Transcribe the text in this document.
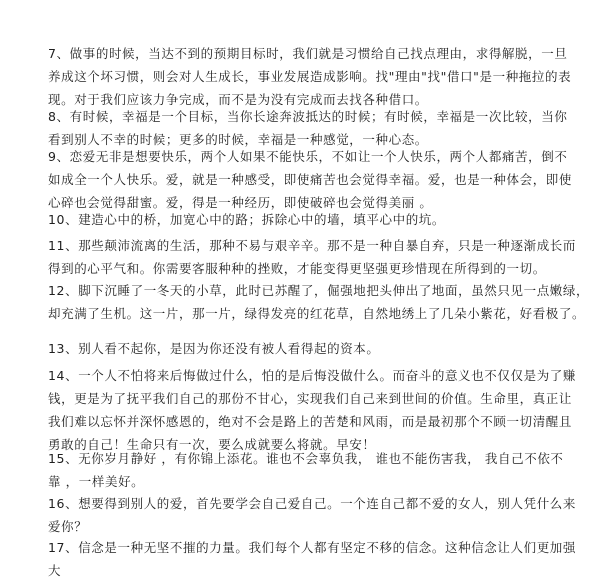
7、做事的时候，当达不到的预期目标时，我们就是习惯给自己找点理由，求得解脱，一旦
养成这个坏习惯，则会对人生成长，事业发展造成影响。找"理由"找"借口"是一种拖拉的表
现。对于我们应该力争完成，而不是为没有完成而去找各种借口。
8、有时候，幸福是一个目标，当你长途奔波抵达的时候；有时候，幸福是一次比较，当你
看到别人不幸的时候；更多的时候，幸福是一种感觉，一种心态。
9、恋爱无非是想要快乐，两个人如果不能快乐，不如让一个人快乐，两个人都痛苦，倒不
如成全一个人快乐。爱，就是一种感受，即使痛苦也会觉得幸福。爱，也是一种体会，即使
心碎也会觉得甜蜜。爱，得是一种经历，即使破碎也会觉得美丽 。
10、建造心中的桥，加宽心中的路；拆除心中的墙，填平心中的坑。
11、那些颠沛流离的生活，那种不易与艰辛辛。那不是一种自暴自弃，只是一种逐渐成长而
得到的心平气和。你需要客服种种的挫败，才能变得更坚强更珍惜现在所得到的一切。
12、脚下沉睡了一冬天的小草，此时已苏醒了，倔强地把头伸出了地面，虽然只见一点嫩绿，
却充满了生机。这一片，那一片，绿得发亮的红花草，自然地绣上了几朵小紫花，好看极了。
13、别人看不起你，是因为你还没有被人看得起的资本。
14、一个人不怕将来后悔做过什么，怕的是后悔没做什么。而奋斗的意义也不仅仅是为了赚
钱，更是为了抚平我们自己的那份不甘心，实现我们自己来到世间的价值。生命里，真正让
我们难以忘怀并深怀感恩的，绝对不会是路上的苦楚和风雨，而是最初那个不顾一切清醒且
勇敢的自己！生命只有一次，要么成就要么将就。早安！
15、无你岁月静好 ，有你锦上添花。谁也不会辜负我， 谁也不能伤害我， 我自己不依不
靠 ，一样美好。
16、想要得到别人的爱，首先要学会自己爱自己。一个连自己都不爱的女人，别人凭什么来
爱你？
17、信念是一种无坚不摧的力量。我们每个人都有坚定不移的信念。这种信念让人们更加强
大
